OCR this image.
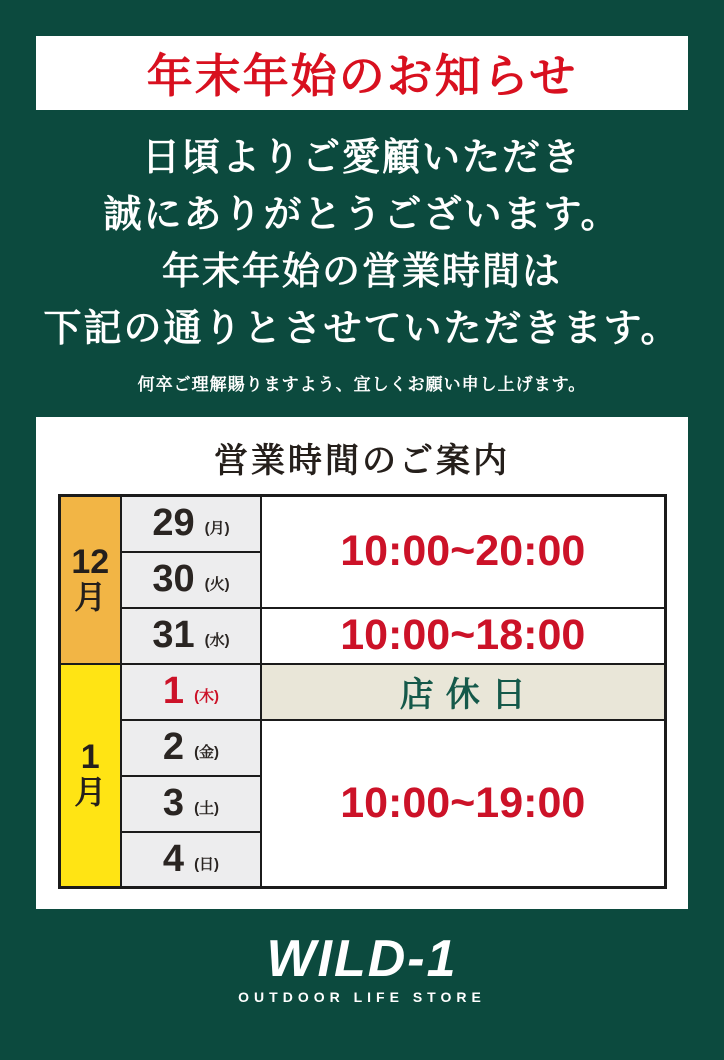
年末年始のお知らせ
日頃よりご愛顧いただき
誠にありがとうございます。
年末年始の営業時間は
下記の通りとさせていただきます。
何卒ご理解賜りますよう、宜しくお願い申し上げます。
営業時間のご案内
12
月	29 (月)	10:00~20:00

	30 (火)	

	31 (水)	10:00~18:00

1
月	1 (木)	店休日

	2 (金)	10:00~19:00

	3 (土)	

	4 (日)	
WILD-1
OUTDOOR LIFE STORE
